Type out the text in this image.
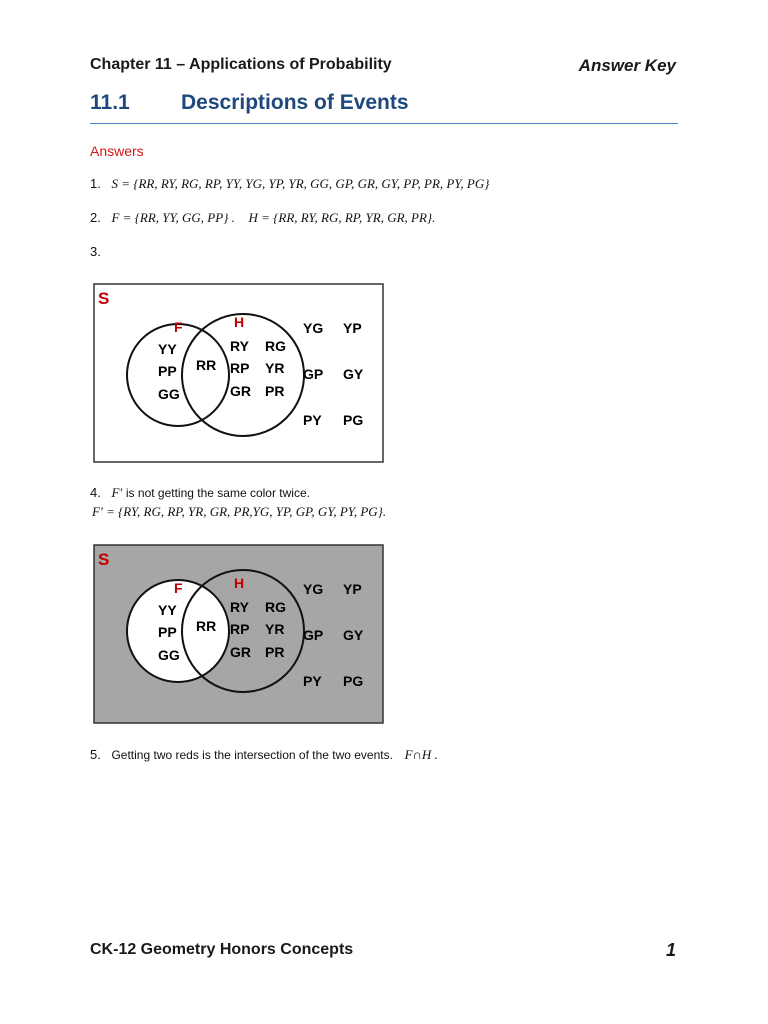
Chapter 11 – Applications of Probability	Answer Key
11.1 Descriptions of Events
Answers
1. S = {RR, RY, RG, RP, YY, YG, YP, YR, GG, GP, GR, GY, PP, PR, PY, PG}
2. F = {RR, YY, GG, PP} . H = {RR, RY, RG, RP, YR, GR, PR}.
3.
S
F	H
YY
PP
GG
RR
RY RG
RP YR
GR PR
YG YP
GP GY
PY PG
4. F′ is not getting the same color twice.
F′ = {RY, RG, RP, YR, GR, PR,YG, YP, GP, GY, PY, PG}.
S
F	H
YY
PP
GG
RR
RY RG
RP YR
GR PR
YG YP
GP GY
PY PG
5. Getting two reds is the intersection of the two events. F∩H .
CK-12 Geometry Honors Concepts	1
